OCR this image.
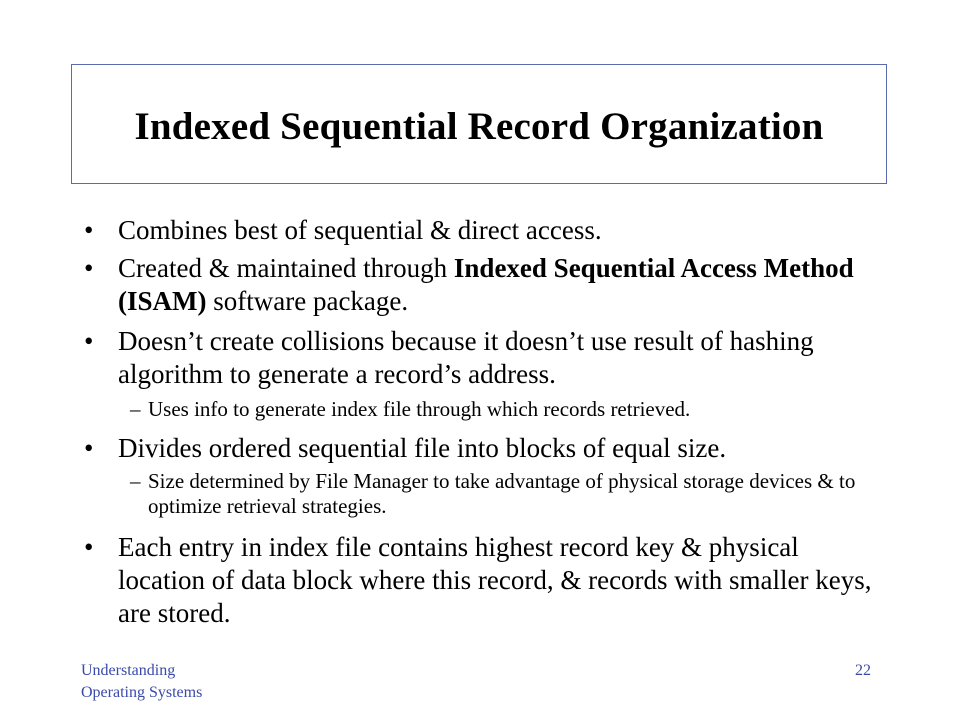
Indexed Sequential Record Organization
• Combines best of sequential & direct access.
• Created & maintained through Indexed Sequential Access Method (ISAM) software package.
• Doesn’t create collisions because it doesn’t use result of hashing algorithm to generate a record’s address.
– Uses info to generate index file through which records retrieved.
• Divides ordered sequential file into blocks of equal size.
– Size determined by File Manager to take advantage of physical storage devices & to optimize retrieval strategies.
• Each entry in index file contains highest record key & physical location of data block where this record, & records with smaller keys, are stored.
Understanding
Operating Systems
22
